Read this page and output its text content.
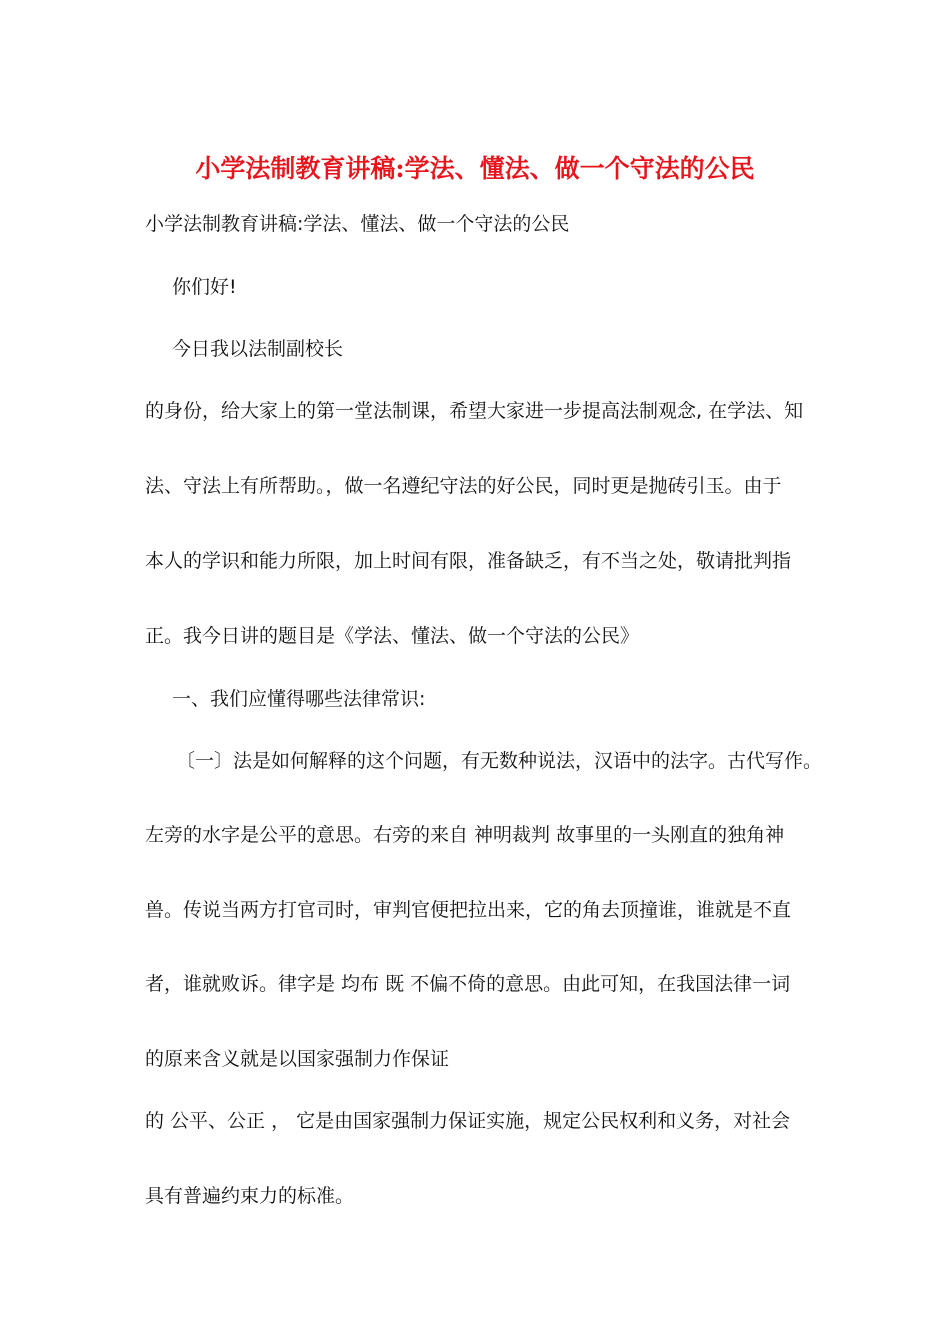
小学法制教育讲稿:学法、懂法、做一个守法的公民
小学法制教育讲稿:学法、懂法、做一个守法的公民
你们好!
今日我以法制副校长
的身份，给大家上的第一堂法制课，希望大家进一步提高法制观念, 在学法、知
法、守法上有所帮助。，做一名遵纪守法的好公民，同时更是抛砖引玉。由于
本人的学识和能力所限，加上时间有限，准备缺乏，有不当之处，敬请批判指
正。我今日讲的题目是《学法、懂法、做一个守法的公民》
一、我们应懂得哪些法律常识:
〔一〕法是如何解释的这个问题，有无数种说法，汉语中的法字。古代写作。
左旁的水字是公平的意思。右旁的来自 神明裁判 故事里的一头刚直的独角神
兽。传说当两方打官司时，审判官便把拉出来，它的角去顶撞谁，谁就是不直
者，谁就败诉。律字是 均布 既 不偏不倚的意思。由此可知，在我国法律一词
的原来含义就是以国家强制力作保证
的 公平、公正 ， 它是由国家强制力保证实施，规定公民权利和义务，对社会
具有普遍约束力的标准。
